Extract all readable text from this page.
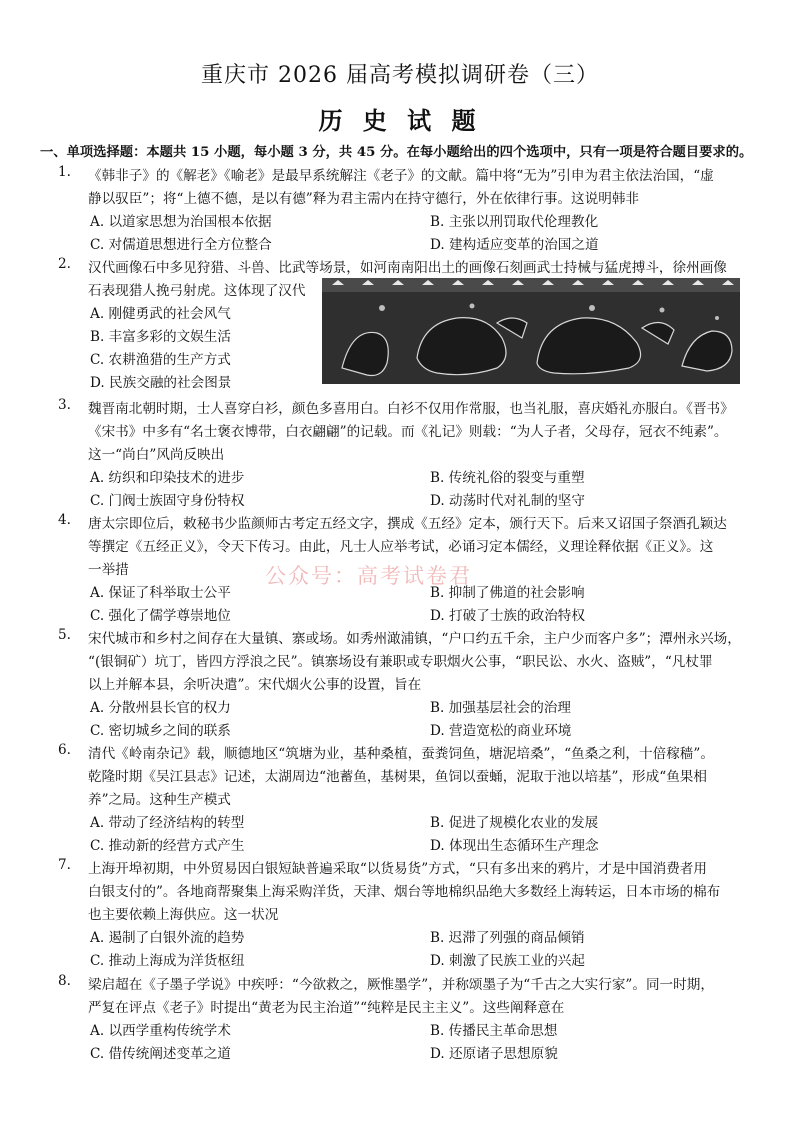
重庆市 2026 届高考模拟调研卷（三）
历 史 试 题
一、单项选择题：本题共 15 小题，每小题 3 分，共 45 分。在每小题给出的四个选项中，只有一项是符合题目要求的。
1. 《韩非子》的《解老》《喻老》是最早系统解注《老子》的文献。篇中将“无为”引申为君主依法治国，“虚
静以驭臣”；将“上德不德，是以有德”释为君主需内在持守德行，外在依律行事。这说明韩非
A. 以道家思想为治国根本依据	B. 主张以刑罚取代伦理教化
C. 对儒道思想进行全方位整合	D. 建构适应变革的治国之道
2. 汉代画像石中多见狩猎、斗兽、比武等场景，如河南南阳出土的画像石刻画武士持械与猛虎搏斗，徐州画像
石表现猎人挽弓射虎。这体现了汉代
A. 刚健勇武的社会风气
B. 丰富多彩的文娱生活
C. 农耕渔猎的生产方式
D. 民族交融的社会图景
3. 魏晋南北朝时期，士人喜穿白衫，颜色多喜用白。白衫不仅用作常服，也当礼服，喜庆婚礼亦服白。《晋书》
《宋书》中多有“名士褒衣博带，白衣翩翩”的记载。而《礼记》则载：“为人子者，父母存，冠衣不纯素”。
这一“尚白”风尚反映出
A. 纺织和印染技术的进步	B. 传统礼俗的裂变与重塑
C. 门阀士族固守身份特权	D. 动荡时代对礼制的坚守
4. 唐太宗即位后，敕秘书少监颜师古考定五经文字，撰成《五经》定本，颁行天下。后来又诏国子祭酒孔颖达
等撰定《五经正义》，令天下传习。由此，凡士人应举考试，必诵习定本儒经，义理诠释依据《正义》。这
一举措
A. 保证了科举取士公平	B. 抑制了佛道的社会影响
C. 强化了儒学尊崇地位	D. 打破了士族的政治特权
5. 宋代城市和乡村之间存在大量镇、寨或场。如秀州澉浦镇，“户口约五千余，主户少而客户多”；潭州永兴场，
“(银铜矿）坑丁，皆四方浮浪之民”。镇寨场设有兼职或专职烟火公事，“职民讼、水火、盗贼”，“凡杖罪
以上并解本县，余听决遣”。宋代烟火公事的设置，旨在
A. 分散州县长官的权力	B. 加强基层社会的治理
C. 密切城乡之间的联系	D. 营造宽松的商业环境
6. 清代《岭南杂记》载，顺德地区“筑塘为业，基种桑植，蚕粪饲鱼，塘泥培桑”，“鱼桑之利，十倍稼穑”。
乾隆时期《吴江县志》记述，太湖周边“池蓄鱼，基树果，鱼饲以蚕蛹，泥取于池以培基”，形成“鱼果相
养”之局。这种生产模式
A. 带动了经济结构的转型	B. 促进了规模化农业的发展
C. 推动新的经营方式产生	D. 体现出生态循环生产理念
7. 上海开埠初期，中外贸易因白银短缺普遍采取“以货易货”方式，“只有多出来的鸦片，才是中国消费者用
白银支付的”。各地商帮聚集上海采购洋货，天津、烟台等地棉织品绝大多数经上海转运，日本市场的棉布
也主要依赖上海供应。这一状况
A. 遏制了白银外流的趋势	B. 迟滞了列强的商品倾销
C. 推动上海成为洋货枢纽	D. 刺激了民族工业的兴起
8. 梁启超在《子墨子学说》中疾呼：“今欲救之，厥惟墨学”，并称颂墨子为“千古之大实行家”。同一时期，
严复在评点《老子》时提出“黄老为民主治道”“纯粹是民主主义”。这些阐释意在
A. 以西学重构传统学术	B. 传播民主革命思想
C. 借传统阐述变革之道	D. 还原诸子思想原貌
公众号：高考试卷君
